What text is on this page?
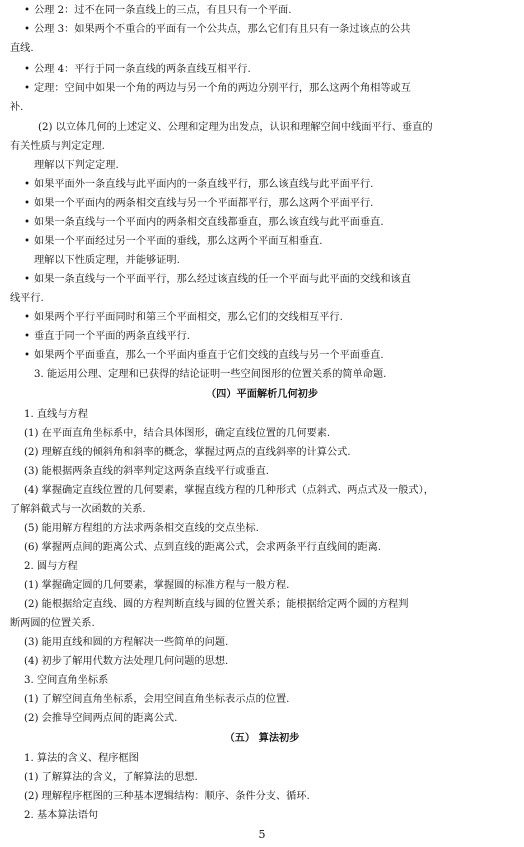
• 公理 2：过不在同一条直线上的三点，有且只有一个平面.
• 公理 3：如果两个不重合的平面有一个公共点，那么它们有且只有一条过该点的公共
直线.
• 公理 4：平行于同一条直线的两条直线互相平行.
• 定理：空间中如果一个角的两边与另一个角的两边分别平行，那么这两个角相等或互
补.
(2) 以立体几何的上述定义、公理和定理为出发点，认识和理解空间中线面平行、垂直的
有关性质与判定定理.
理解以下判定定理.
• 如果平面外一条直线与此平面内的一条直线平行，那么该直线与此平面平行.
• 如果一个平面内的两条相交直线与另一个平面都平行，那么这两个平面平行.
• 如果一条直线与一个平面内的两条相交直线都垂直，那么该直线与此平面垂直.
• 如果一个平面经过另一个平面的垂线，那么这两个平面互相垂直.
理解以下性质定理，并能够证明.
• 如果一条直线与一个平面平行，那么经过该直线的任一个平面与此平面的交线和该直
线平行.
• 如果两个平行平面同时和第三个平面相交，那么它们的交线相互平行.
• 垂直于同一个平面的两条直线平行.
• 如果两个平面垂直，那么一个平面内垂直于它们交线的直线与另一个平面垂直.
3. 能运用公理、定理和已获得的结论证明一些空间图形的位置关系的简单命题.
（四）平面解析几何初步
1. 直线与方程
(1) 在平面直角坐标系中，结合具体图形，确定直线位置的几何要素.
(2) 理解直线的倾斜角和斜率的概念，掌握过两点的直线斜率的计算公式.
(3) 能根据两条直线的斜率判定这两条直线平行或垂直.
(4) 掌握确定直线位置的几何要素，掌握直线方程的几种形式（点斜式、两点式及一般式），
了解斜截式与一次函数的关系.
(5) 能用解方程组的方法求两条相交直线的交点坐标.
(6) 掌握两点间的距离公式、点到直线的距离公式，会求两条平行直线间的距离.
2. 圆与方程
(1) 掌握确定圆的几何要素，掌握圆的标准方程与一般方程.
(2) 能根据给定直线、圆的方程判断直线与圆的位置关系；能根据给定两个圆的方程判
断两圆的位置关系.
(3) 能用直线和圆的方程解决一些简单的问题.
(4) 初步了解用代数方法处理几何问题的思想.
3. 空间直角坐标系
(1) 了解空间直角坐标系，会用空间直角坐标表示点的位置.
(2) 会推导空间两点间的距离公式.
（五） 算法初步
1. 算法的含义、程序框图
(1) 了解算法的含义，了解算法的思想.
(2) 理解程序框图的三种基本逻辑结构：顺序、条件分支、循环.
2. 基本算法语句
5
